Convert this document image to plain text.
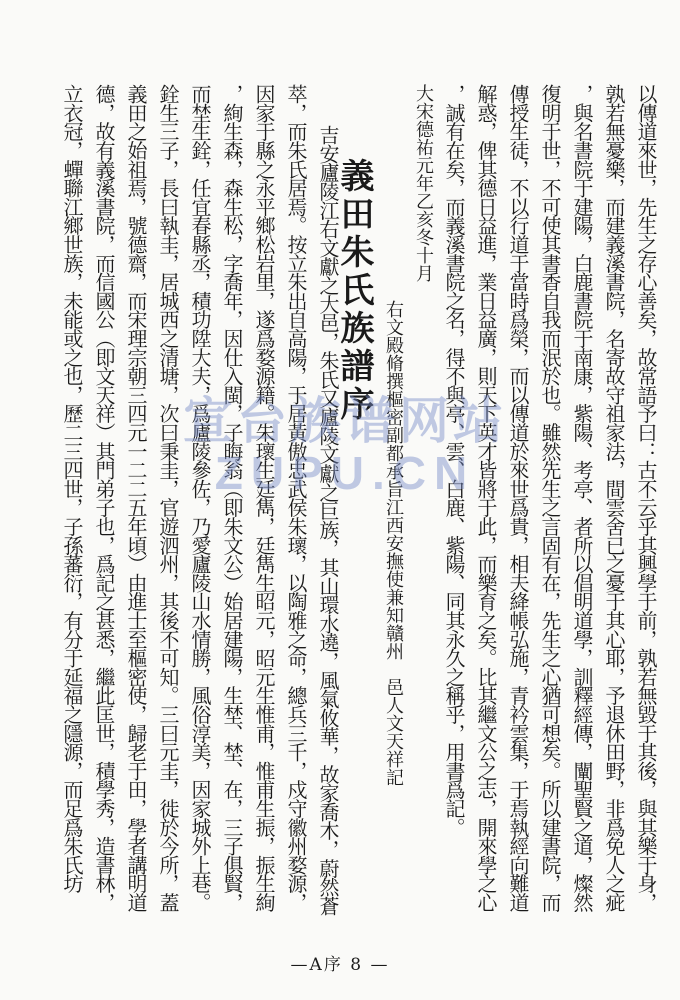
以傳道來世，先生之存心善矣，故常語予曰：古不云乎其興學于前，孰若無毀于其後，與其樂于身，
孰若無憂樂，而建義溪書院，名寄故守祖家法，間雲舍已之憂于其心耶，予退休田野，非爲免人之疵
，與名書院于建陽，白鹿書院于南康，紫陽、考亭、者所以倡明道學，訓釋經傳，闡聖賢之道，燦然
復明于世，不可使其書香自我而泯於也。雖然先生之言固有在，先生之心猶可想矣。所以建書院，而
傳授生徒，不以行道于當時爲榮，而以傳道於來世爲貴，相夫絳帳弘施，青衿雲集，于焉執經向難道
解惑，俾其德日益進，業日益廣，則天下英才皆將于此，而樂育之矣。比其繼文公之志，開來學之心
，誠有在矣，而義溪書院之名，得不與亭、雲、白鹿、紫陽、同其永久之稱乎，用書爲記。
大宋德祐元年乙亥冬十月
右文殿脩撰樞密副都承旨江西安撫使兼知贛州　邑人文天祥記
義田朱氏族譜序
吉安廬陵江右文獻之大邑，朱氏又廬陵文獻之巨族，其山環水遶，風氣攸華，故家喬木，蔚然蒼
萃，而朱氏居焉。按立朱出自高陽，于居黃傲忠武侯朱瓌，以陶雅之命，總兵三千，戍守徽州婺源，
因家于縣之永平鄉松岩里，遂爲婺源籍。朱瓌生廷雋，廷雋生昭元，昭元生惟甫，惟甫生振，振生絢
，絢生森，森生松，字喬年，因仕入閩，子晦翁（即朱文公）始居建陽，生埜、埜、在，三子俱賢，
而埜生銓，任宜春縣丞，積功陞大夫，爲廬陵參佐，乃愛廬陵山水情勝，風俗淳美，因家城外上巷。
銓生三子，長曰執圭，居城西之清塘，次曰秉圭，官遊泗州，其後不可知。三曰元圭，徙於今所，蓋
義田之始祖焉，號德齋，而宋理宗朝三四元一二二五年頃）由進士至樞密使，歸老于田，學者講明道
德，故有義溪書院，而信國公（即文天祥）其門弟子也，爲記之甚悉，繼此匡世，積學秀，造書林，
立衣冠，蟬聯江鄉世族，未能或之也，歷二三四世，子孫蕃衍，有分于延福之隱源，而足爲朱氏坊	宣台族谱网站
ZUPU.CN
—A序 8 —
